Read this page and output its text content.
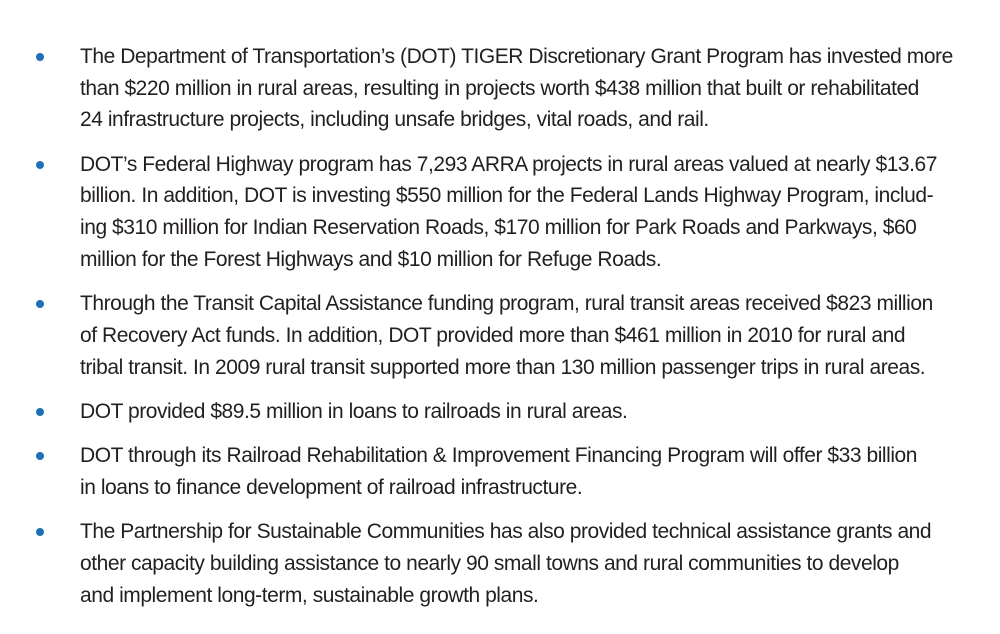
The Department of Transportation’s (DOT) TIGER Discretionary Grant Program has invested more
than $220 million in rural areas, resulting in projects worth $438 million that built or rehabilitated
24 infrastructure projects, including unsafe bridges, vital roads, and rail.
DOT’s Federal Highway program has 7,293 ARRA projects in rural areas valued at nearly $13.67
billion. In addition, DOT is investing $550 million for the Federal Lands Highway Program, includ-
ing $310 million for Indian Reservation Roads, $170 million for Park Roads and Parkways, $60
million for the Forest Highways and $10 million for Refuge Roads.
Through the Transit Capital Assistance funding program, rural transit areas received $823 million
of Recovery Act funds. In addition, DOT provided more than $461 million in 2010 for rural and
tribal transit. In 2009 rural transit supported more than 130 million passenger trips in rural areas.
DOT provided $89.5 million in loans to railroads in rural areas.
DOT through its Railroad Rehabilitation & Improvement Financing Program will offer $33 billion
in loans to finance development of railroad infrastructure.
The Partnership for Sustainable Communities has also provided technical assistance grants and
other capacity building assistance to nearly 90 small towns and rural communities to develop
and implement long-term, sustainable growth plans.
